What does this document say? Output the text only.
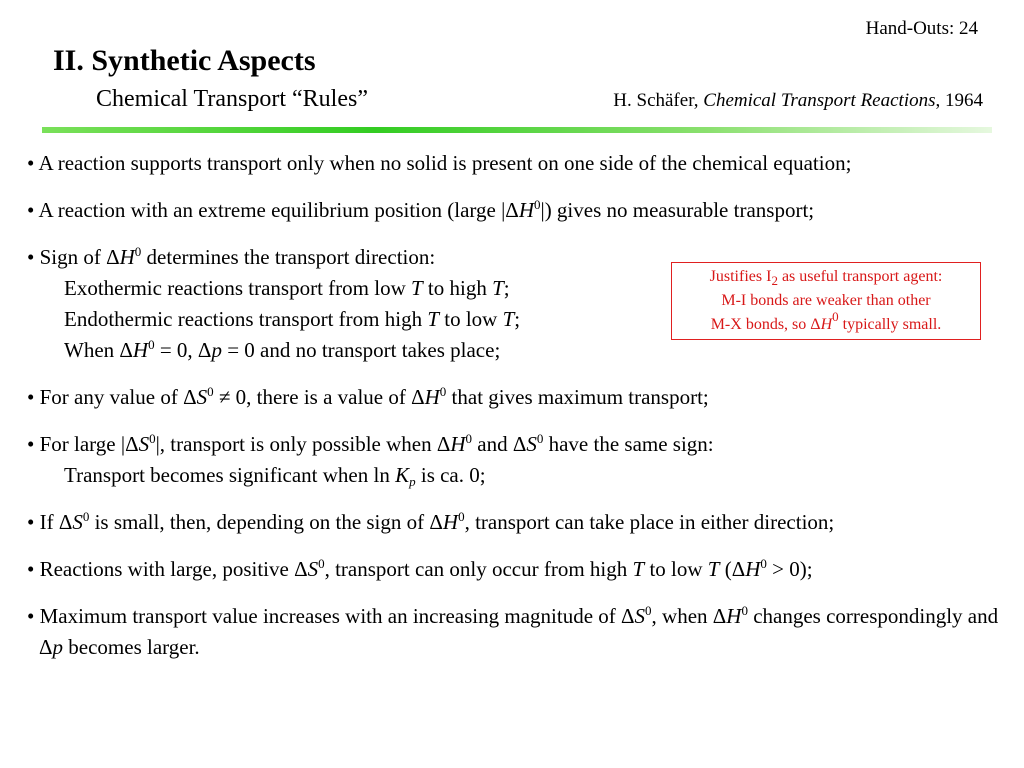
Hand-Outs: 24
II. Synthetic Aspects
Chemical Transport “Rules”	H. Schäfer, Chemical Transport Reactions, 1964
Justifies $I_2$ as useful transport agent:
M-I bonds are weaker than other
M-X bonds, so $\Delta H^0$ typically small.
• A reaction supports transport only when no solid is present on one side of the chemical equation;
• A reaction with an extreme equilibrium position (large $|\Delta H^0|$) gives no measurable transport;
• Sign of $\Delta H^0$ determines the transport direction:
Exothermic reactions transport from low T to high T;
Endothermic reactions transport from high T to low T;
When $\Delta H^0 = 0$, Δp = 0 and no transport takes place;
• For any value of $\Delta S^0 \ne 0$, there is a value of $\Delta H^0$ that gives maximum transport;
• For large $|\Delta S^0|$, transport is only possible when $\Delta H^0$ and $\Delta S^0$ have the same sign:
Transport becomes significant when $\ln K_p$ is ca. 0;
• If $\Delta S^0$ is small, then, depending on the sign of $\Delta H^0$, transport can take place in either direction;
• Reactions with large, positive $\Delta S^0$, transport can only occur from high T to low T $(\Delta H^0 > 0)$;
• Maximum transport value increases with an increasing magnitude of $\Delta S^0$, when $\Delta H^0$ changes correspondingly and Δp becomes larger.
